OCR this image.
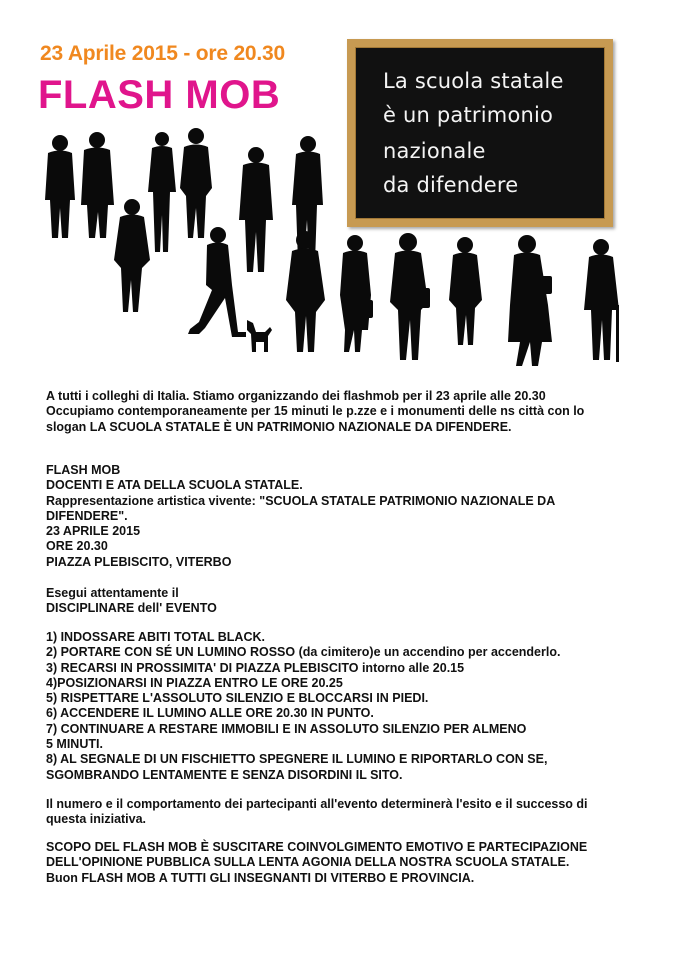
23 Aprile 2015 - ore 20.30
FLASH MOB	La scuola statale
è un patrimonio
nazionale
da difendere

A tutti i colleghi di Italia. Stiamo organizzando dei flashmob per il 23 aprile alle 20.30

Occupiamo contemporaneamente per 15 minuti le p.zze e i monumenti delle ns città con lo

slogan LA SCUOLA STATALE È UN PATRIMONIO NAZIONALE DA DIFENDERE.

FLASH MOB

DOCENTI E ATA DELLA SCUOLA STATALE.

Rappresentazione artistica vivente: "SCUOLA STATALE PATRIMONIO NAZIONALE DA

DIFENDERE".

23 APRILE 2015

ORE 20.30

PIAZZA PLEBISCITO, VITERBO

Esegui attentamente il

DISCIPLINARE dell' EVENTO

1) INDOSSARE ABITI TOTAL BLACK.

2) PORTARE CON SÉ UN LUMINO ROSSO (da cimitero)e un accendino per accenderlo.

3) RECARSI IN PROSSIMITA' DI PIAZZA PLEBISCITO intorno alle 20.15

4)POSIZIONARSI IN PIAZZA ENTRO LE ORE 20.25

5) RISPETTARE L'ASSOLUTO SILENZIO E BLOCCARSI IN PIEDI.

6) ACCENDERE IL LUMINO ALLE ORE 20.30 IN PUNTO.

7) CONTINUARE A RESTARE IMMOBILI E IN ASSOLUTO SILENZIO PER ALMENO

5 MINUTI.

8) AL SEGNALE DI UN FISCHIETTO SPEGNERE IL LUMINO E RIPORTARLO CON SE,

SGOMBRANDO LENTAMENTE E SENZA DISORDINI IL SITO.

Il numero e il comportamento dei partecipanti all'evento determinerà l'esito e il successo di

questa iniziativa.

SCOPO DEL FLASH MOB È SUSCITARE COINVOLGIMENTO EMOTIVO E PARTECIPAZIONE

DELL'OPINIONE PUBBLICA SULLA LENTA AGONIA DELLA NOSTRA SCUOLA STATALE.

Buon FLASH MOB A TUTTI GLI INSEGNANTI DI VITERBO E PROVINCIA.
